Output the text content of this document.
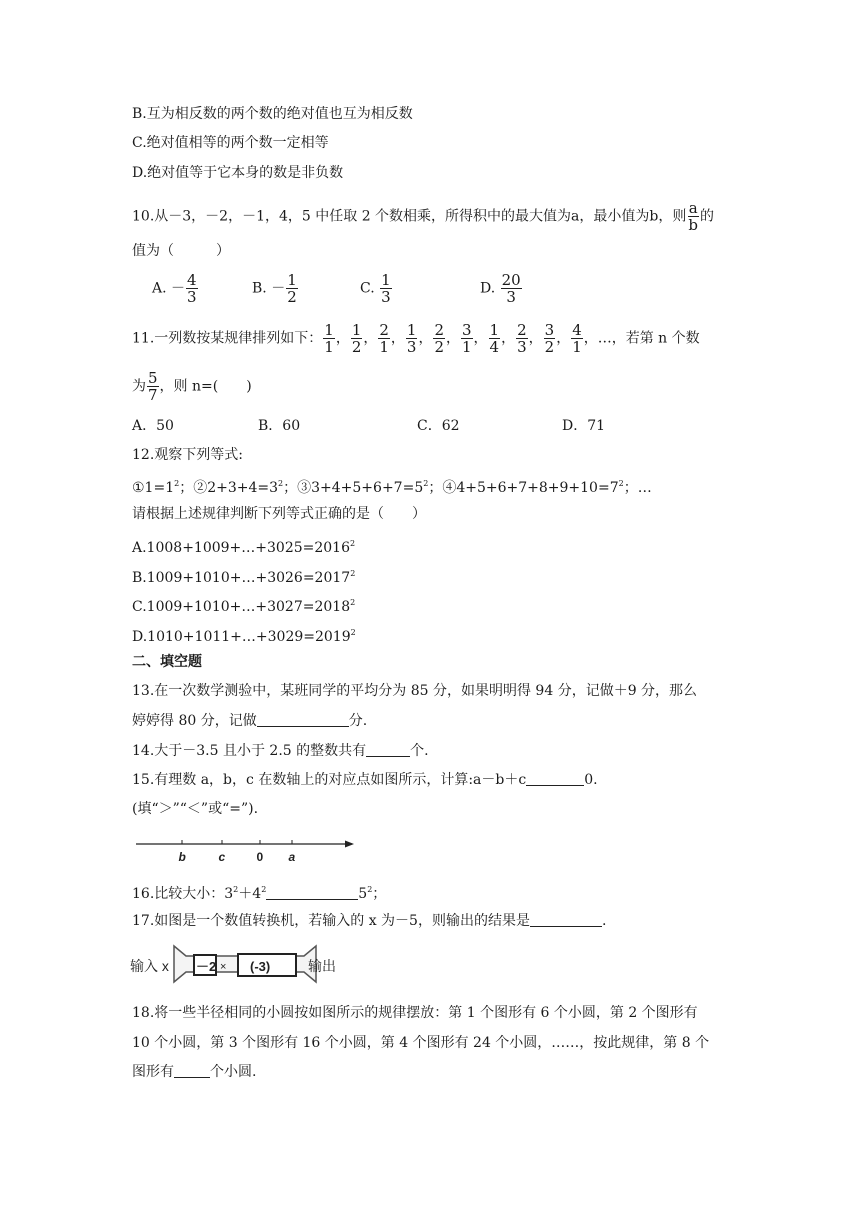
B.互为相反数的两个数的绝对值也互为相反数
C.绝对值相等的两个数一定相等
D.绝对值等于它本身的数是非负数
10.从－3，－2，－1，4，5 中任取 2 个数相乘，所得积中的最大值为a，最小值为b，则 $\frac{a}{b}$ 的
值为（　　　）
A. － $\frac{4}{3}$	B. － $\frac{1}{2}$	C. $\frac{1}{3}$	D. $\frac{20}{3}$
11.一列数按某规律排列如下： $\frac{1}{1}$ ， $\frac{1}{2}$ ， $\frac{2}{1}$ ， $\frac{1}{3}$ ， $\frac{2}{2}$ ， $\frac{3}{1}$ ， $\frac{1}{4}$ ， $\frac{2}{3}$ ， $\frac{3}{2}$ ， $\frac{4}{1}$ ，…，若第 n 个数
为 $\frac{5}{7}$ ，则 n=(　　)
A．50	B．60	C．62	D．71
12.观察下列等式:
$①1=1^2$；$②2+3+4=3^2$；$③3+4+5+6+7=5^2$；$④4+5+6+7+8+9+10=7^2$；…
请根据上述规律判断下列等式正确的是（　　）
$A.1008+1009+\dots+3025=2016^2$
$B.1009+1010+\dots+3026=2017^2$
$C.1009+1010+\dots+3027=2018^2$
$D.1010+1011+\dots+3029=2019^2$
二、填空题
13.在一次数学测验中，某班同学的平均分为 85 分，如果明明得 94 分，记做＋9 分，那么
婷婷得 80 分，记做	分.
14.大于－3.5 且小于 2.5 的整数共有	个.
15.有理数 a，b，c 在数轴上的对应点如图所示，计算:a－b＋c	0.
(填“＞”“＜”或“=”).
b	c	0 a
16.比较大小：$3^2+4^2$	$5^2$；
17.如图是一个数值转换机，若输入的 x 为－5，则输出的结果是	.
输入 x －2 × (-3)	输出
18.将一些半径相同的小圆按如图所示的规律摆放：第 1 个图形有 6 个小圆，第 2 个图形有
10 个小圆，第 3 个图形有 16 个小圆，第 4 个图形有 24 个小圆，……，按此规律，第 8 个
图形有	个小圆.
